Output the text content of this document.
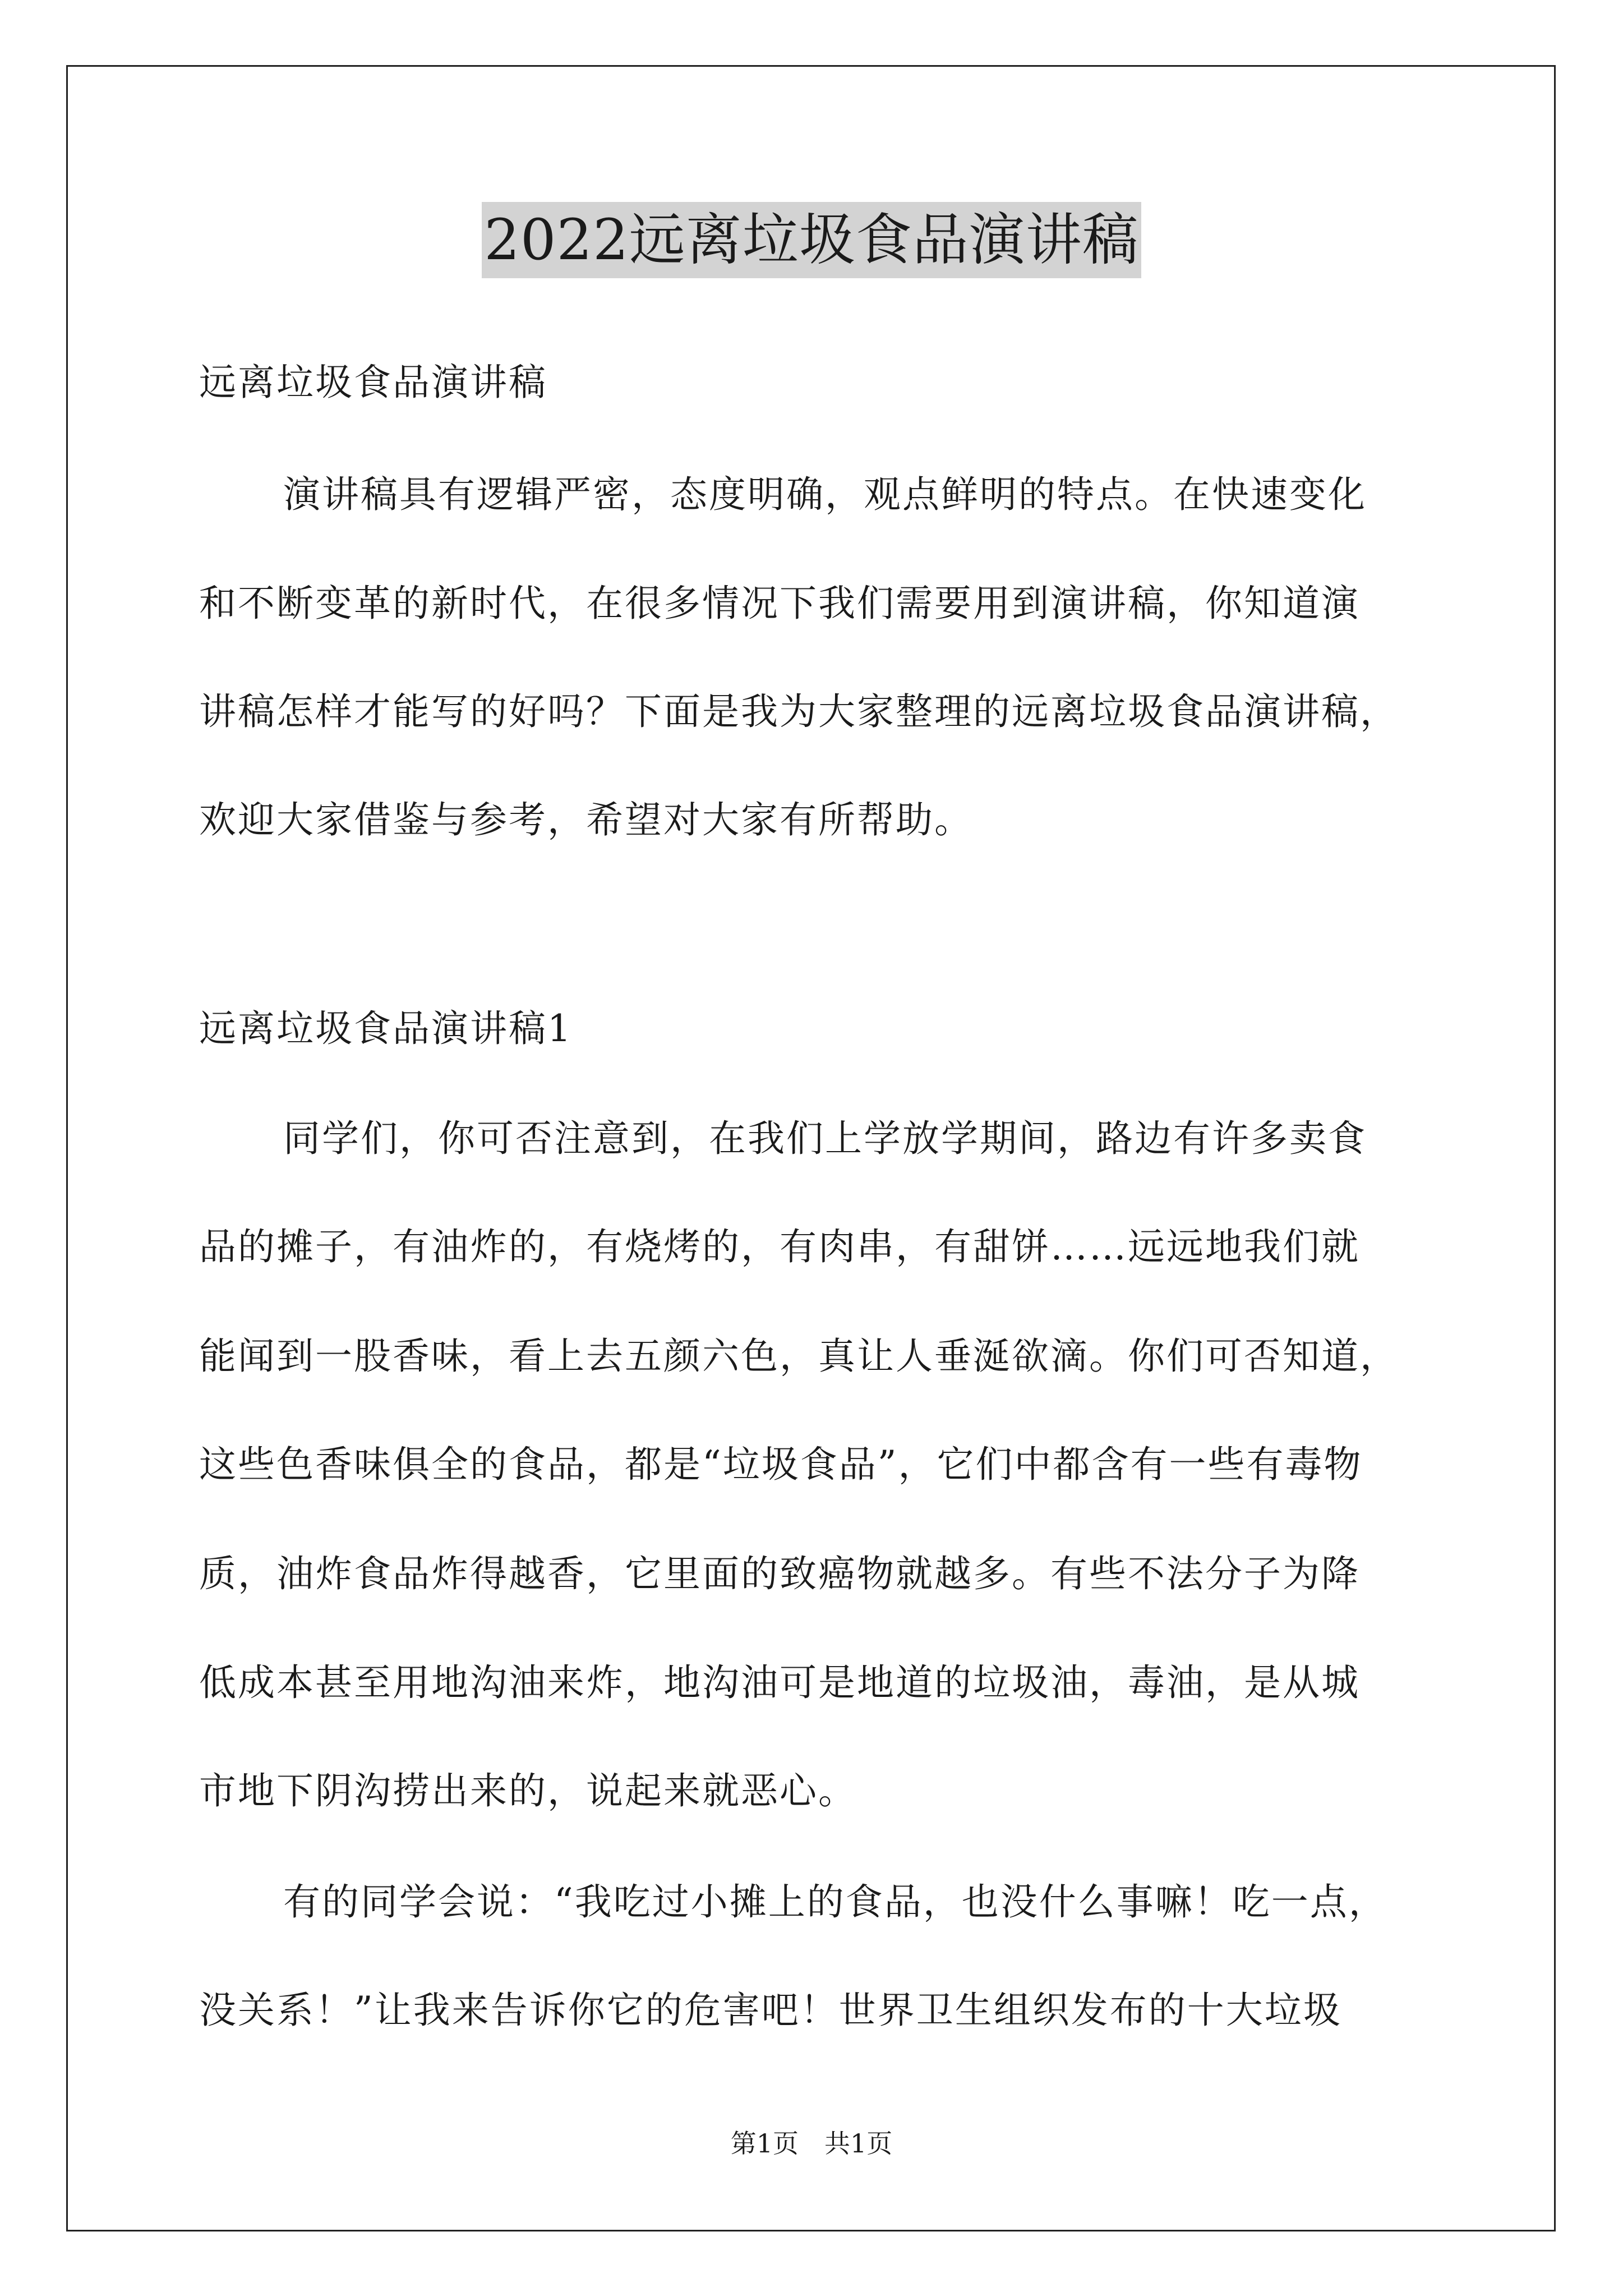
2022远离垃圾食品演讲稿
远离垃圾食品演讲稿
演讲稿具有逻辑严密，态度明确，观点鲜明的特点。在快速变化
和不断变革的新时代，在很多情况下我们需要用到演讲稿，你知道演
讲稿怎样才能写的好吗？下面是我为大家整理的远离垃圾食品演讲稿，
欢迎大家借鉴与参考，希望对大家有所帮助。
远离垃圾食品演讲稿1
同学们，你可否注意到，在我们上学放学期间，路边有许多卖食
品的摊子，有油炸的，有烧烤的，有肉串，有甜饼……远远地我们就
能闻到一股香味，看上去五颜六色，真让人垂涎欲滴。你们可否知道，
这些色香味俱全的食品，都是“垃圾食品”，它们中都含有一些有毒物
质，油炸食品炸得越香，它里面的致癌物就越多。有些不法分子为降
低成本甚至用地沟油来炸，地沟油可是地道的垃圾油，毒油，是从城
市地下阴沟捞出来的，说起来就恶心。
有的同学会说：“我吃过小摊上的食品，也没什么事嘛！吃一点，
没关系！”让我来告诉你它的危害吧！世界卫生组织发布的十大垃圾
第1页　共1页
